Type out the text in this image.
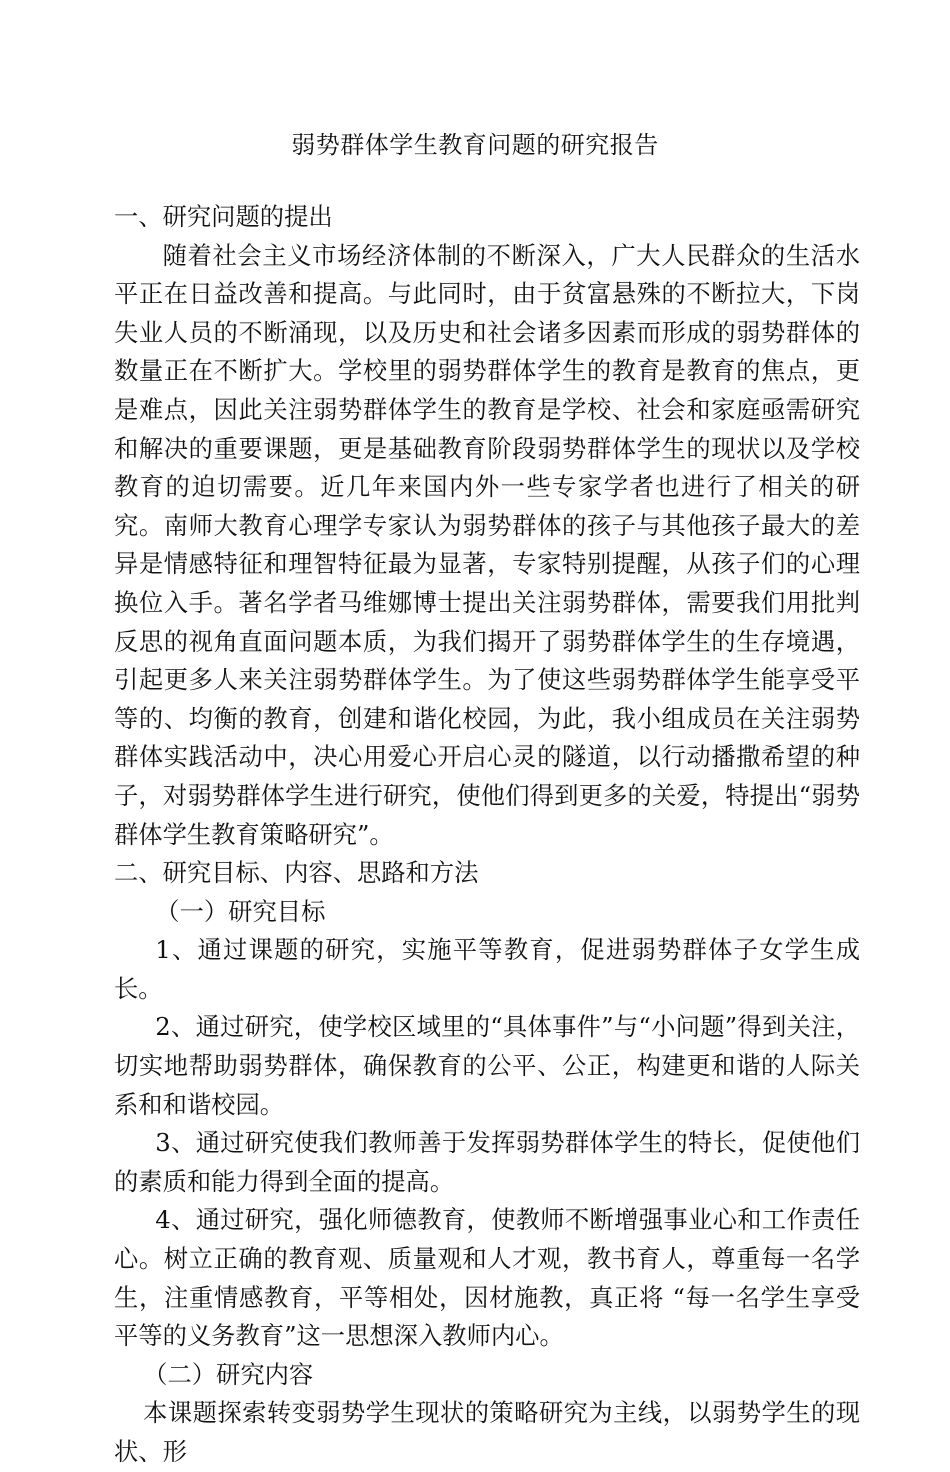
弱势群体学生教育问题的研究报告

一、研究问题的提出

随着社会主义市场经济体制的不断深入，广大人民群众的生活水平正在日益改善和提高。与此同时，由于贫富悬殊的不断拉大，下岗失业人员的不断涌现，以及历史和社会诸多因素而形成的弱势群体的数量正在不断扩大。学校里的弱势群体学生的教育是教育的焦点，更是难点，因此关注弱势群体学生的教育是学校、社会和家庭亟需研究和解决的重要课题，更是基础教育阶段弱势群体学生的现状以及学校教育的迫切需要。近几年来国内外一些专家学者也进行了相关的研究。南师大教育心理学专家认为弱势群体的孩子与其他孩子最大的差异是情感特征和理智特征最为显著，专家特别提醒，从孩子们的心理换位入手。著名学者马维娜博士提出关注弱势群体，需要我们用批判反思的视角直面问题本质，为我们揭开了弱势群体学生的生存境遇，引起更多人来关注弱势群体学生。为了使这些弱势群体学生能享受平等的、均衡的教育，创建和谐化校园，为此，我小组成员在关注弱势群体实践活动中，决心用爱心开启心灵的隧道，以行动播撒希望的种子，对弱势群体学生进行研究，使他们得到更多的关爱，特提出“弱势群体学生教育策略研究”。

二、研究目标、内容、思路和方法

（一）研究目标

1、通过课题的研究，实施平等教育，促进弱势群体子女学生成长。

2、通过研究，使学校区域里的“具体事件”与“小问题”得到关注，切实地帮助弱势群体，确保教育的公平、公正，构建更和谐的人际关系和和谐校园。

3、通过研究使我们教师善于发挥弱势群体学生的特长，促使他们的素质和能力得到全面的提高。

4、通过研究，强化师德教育，使教师不断增强事业心和工作责任心。树立正确的教育观、质量观和人才观，教书育人，尊重每一名学生，注重情感教育，平等相处，因材施教，真正将 “每一名学生享受平等的义务教育”这一思想深入教师内心。

（二）研究内容

本课题探索转变弱势学生现状的策略研究为主线，以弱势学生的现状、形
